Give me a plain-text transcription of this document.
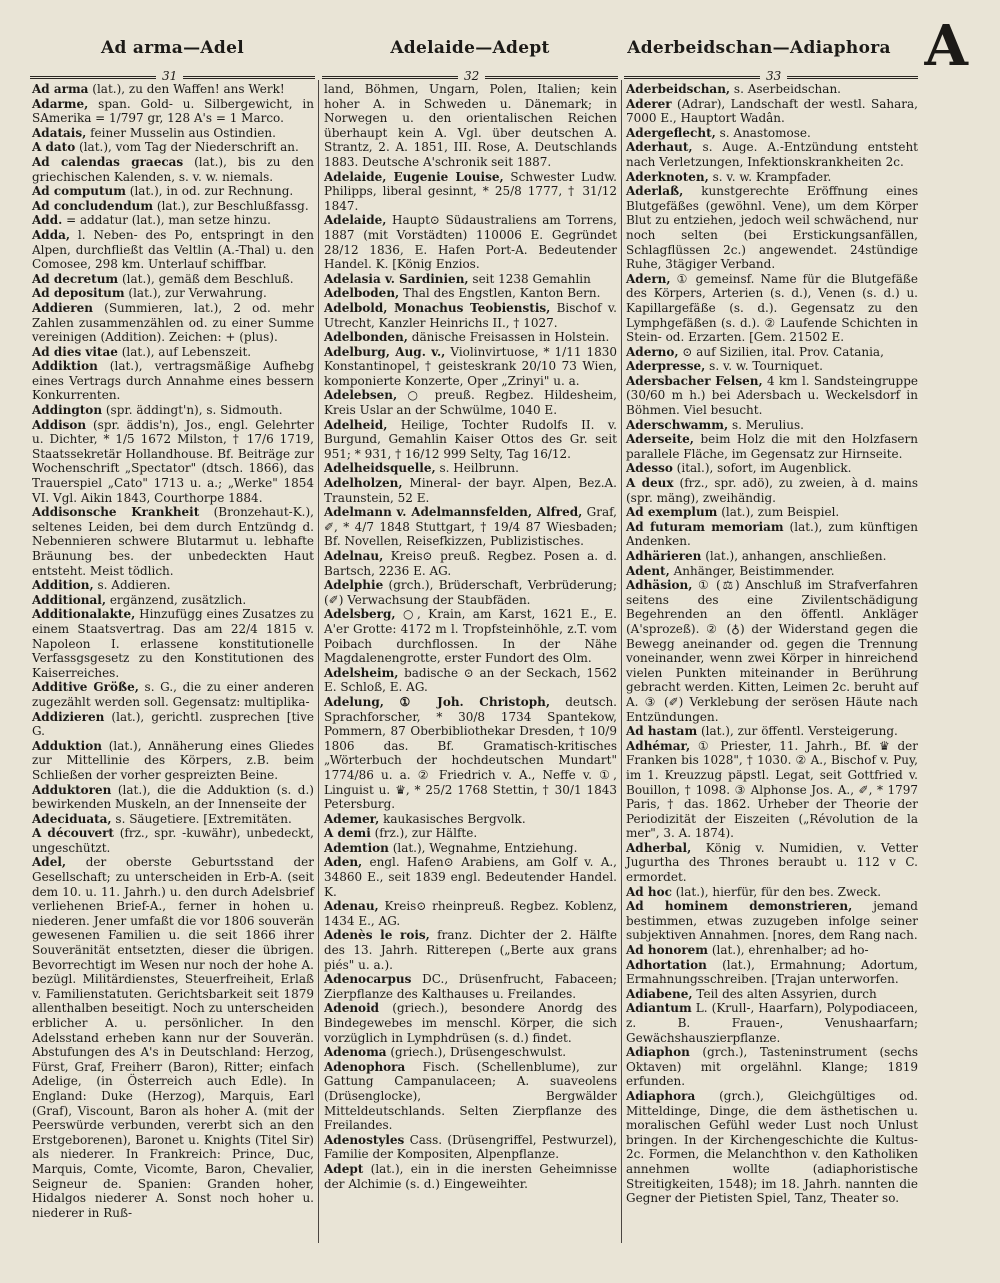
Ad arma—Adel	Adelaide—Adept	Aderbeidschan—Adiaphora A
31	32	33
Ad arma (lat.), zu den Waffen! ans Werk!
Adarme, span. Gold- u. Silbergewicht, in SAmerika = 1/797 gr, 128 A's = 1 Marco.
Adatais, feiner Musselin aus Ostindien.
A dato (lat.), vom Tag der Niederschrift an.
Ad calendas graecas (lat.), bis zu den griechischen Kalenden, s. v. w. niemals.
Ad computum (lat.), in od. zur Rechnung.
Ad concludendum (lat.), zur Beschlußfassg.
Add. = addatur (lat.), man setze hinzu.
Adda, l. Neben- des Po, entspringt in den Alpen, durchfließt das Veltlin (A.-Thal) u. den Comosee, 298 km. Unterlauf schiffbar.
Ad decretum (lat.), gemäß dem Beschluß.
Ad depositum (lat.), zur Verwahrung.
Addieren (Summieren, lat.), 2 od. mehr Zahlen zusammenzählen od. zu einer Summe vereinigen (Addition). Zeichen: + (plus).
Ad dies vitae (lat.), auf Lebenszeit.
Addiktion (lat.), vertragsmäßige Aufhebg eines Vertrags durch Annahme eines bessern Konkurrenten.
Addington (spr. äddingt'n), s. Sidmouth.
Addison (spr. äddis'n), Jos., engl. Gelehrter u. Dichter, * 1/5 1672 Milston, † 17/6 1719, Staatssekretär Hollandhouse. Bf. Beiträge zur Wochenschrift „Spectator" (dtsch. 1866), das Trauerspiel „Cato" 1713 u. a.; „Werke" 1854 VI. Vgl. Aikin 1843, Courthorpe 1884.
Addisonsche Krankheit (Bronzehaut-K.), seltenes Leiden, bei dem durch Entzündg d. Nebennieren schwere Blutarmut u. lebhafte Bräunung bes. der unbedeckten Haut entsteht. Meist tödlich.
Addition, s. Addieren.
Additional, ergänzend, zusätzlich.
Additionalakte, Hinzufügg eines Zusatzes zu einem Staatsvertrag. Das am 22/4 1815 v. Napoleon I. erlassene konstitutionelle Verfassgsgesetz zu den Konstitutionen des Kaiserreiches.
Additive Größe, s. G., die zu einer anderen zugezählt werden soll. Gegensatz: multiplika-
Addizieren (lat.), gerichtl. zusprechen [tive G.
Adduktion (lat.), Annäherung eines Gliedes zur Mittellinie des Körpers, z.B. beim Schließen der vorher gespreizten Beine.
Adduktoren (lat.), die die Adduktion (s. d.) bewirkenden Muskeln, an der Innenseite der
Adeciduata, s. Säugetiere. [Extremitäten.
A découvert (frz., spr. -kuwähr), unbedeckt, ungeschützt.
Adel, der oberste Geburtsstand der Gesellschaft; zu unterscheiden in Erb-A. (seit dem 10. u. 11. Jahrh.) u. den durch Adelsbrief verliehenen Brief-A., ferner in hohen u. niederen. Jener umfaßt die vor 1806 souverän gewesenen Familien u. die seit 1866 ihrer Souveränität entsetzten, dieser die übrigen. Bevorrechtigt im Wesen nur noch der hohe A. bezügl. Militärdienstes, Steuerfreiheit, Erlaß v. Familienstatuten. Gerichtsbarkeit seit 1879 allenthalben beseitigt. Noch zu unterscheiden erblicher A. u. persönlicher. In den Adelsstand erheben kann nur der Souverän. Abstufungen des A's in Deutschland: Herzog, Fürst, Graf, Freiherr (Baron), Ritter; einfach Adelige, (in Österreich auch Edle). In England: Duke (Herzog), Marquis, Earl (Graf), Viscount, Baron als hoher A. (mit der Peerswürde verbunden, vererbt sich an den Erstgeborenen), Baronet u. Knights (Titel Sir) als niederer. In Frankreich: Prince, Duc, Marquis, Comte, Vicomte, Baron, Chevalier, Seigneur de. Spanien: Granden hoher, Hidalgos niederer A. Sonst noch hoher u. niederer in Ruß-
land, Böhmen, Ungarn, Polen, Italien; kein hoher A. in Schweden u. Dänemark; in Norwegen u. den orientalischen Reichen überhaupt kein A. Vgl. über deutschen A. Strantz, 2. A. 1851, III. Rose, A. Deutschlands 1883. Deutsche A'schronik seit 1887.
Adelaide, Eugenie Louise, Schwester Ludw. Philipps, liberal gesinnt, * 25/8 1777, † 31/12 1847.
Adelaide, Haupt⊙ Südaustraliens am Torrens, 1887 (mit Vorstädten) 110006 E. Gegründet 28/12 1836, E. Hafen Port-A. Bedeutender Handel. K. [König Enzios.
Adelasia v. Sardinien, seit 1238 Gemahlin
Adelboden, Thal des Engstlen, Kanton Bern.
Adelbold, Monachus Teobienstis, Bischof v. Utrecht, Kanzler Heinrichs II., † 1027.
Adelbonden, dänische Freisassen in Holstein.
Adelburg, Aug. v., Violinvirtuose, * 1/11 1830 Konstantinopel, † geisteskrank 20/10 73 Wien, komponierte Konzerte, Oper „Zrinyi" u. a.
Adelebsen, ○ preuß. Regbez. Hildesheim, Kreis Uslar an der Schwülme, 1040 E.
Adelheid, Heilige, Tochter Rudolfs II. v. Burgund, Gemahlin Kaiser Ottos des Gr. seit 951; * 931, † 16/12 999 Selty, Tag 16/12.
Adelheidsquelle, s. Heilbrunn.
Adelholzen, Mineral- der bayr. Alpen, Bez.A. Traunstein, 52 E.
Adelmann v. Adelmannsfelden, Alfred, Graf, ✐, * 4/7 1848 Stuttgart, † 19/4 87 Wiesbaden; Bf. Novellen, Reisefkizzen, Publizistisches.
Adelnau, Kreis⊙ preuß. Regbez. Posen a. d. Bartsch, 2236 E. AG.
Adelphie (grch.), Brüderschaft, Verbrüderung; (✐) Verwachsung der Staubfäden.
Adelsberg, ○, Krain, am Karst, 1621 E., E. A'er Grotte: 4172 m l. Tropfsteinhöhle, z.T. vom Poibach durchflossen. In der Nähe Magdalenengrotte, erster Fundort des Olm.
Adelsheim, badische ⊙ an der Seckach, 1562 E. Schloß, E. AG.
Adelung, ① Joh. Christoph, deutsch. Sprachforscher, * 30/8 1734 Spantekow, Pommern, 87 Oberbibliothekar Dresden, † 10/9 1806 das. Bf. Gramatisch-kritisches „Wörterbuch der hochdeutschen Mundart" 1774/86 u. a. ② Friedrich v. A., Neffe v. ①, Linguist u. ♛, * 25/2 1768 Stettin, † 30/1 1843 Petersburg.
Ademer, kaukasisches Bergvolk.
A demi (frz.), zur Hälfte.
Ademtion (lat.), Wegnahme, Entziehung.
Aden, engl. Hafen⊙ Arabiens, am Golf v. A., 34860 E., seit 1839 engl. Bedeutender Handel. K.
Adenau, Kreis⊙ rheinpreuß. Regbez. Koblenz, 1434 E., AG.
Adenès le rois, franz. Dichter der 2. Hälfte des 13. Jahrh. Ritterepen („Berte aux grans piés" u. a.).
Adenocarpus DC., Drüsenfrucht, Fabaceen; Zierpflanze des Kalthauses u. Freilandes.
Adenoid (griech.), besondere Anordg des Bindegewebes im menschl. Körper, die sich vorzüglich in Lymphdrüsen (s. d.) findet.
Adenoma (griech.), Drüsengeschwulst.
Adenophora Fisch. (Schellenblume), zur Gattung Campanulaceen; A. suaveolens (Drüsenglocke), Bergwälder Mitteldeutschlands. Selten Zierpflanze des Freilandes.
Adenostyles Cass. (Drüsengriffel, Pestwurzel), Familie der Kompositen, Alpenpflanze.
Adept (lat.), ein in die inersten Geheimnisse der Alchimie (s. d.) Eingeweihter.
Aderbeidschan, s. Aserbeidschan.
Aderer (Adrar), Landschaft der westl. Sahara, 7000 E., Hauptort Wadân.
Adergeflecht, s. Anastomose.
Aderhaut, s. Auge. A.-Entzündung entsteht nach Verletzungen, Infektionskrankheiten 2c.
Aderknoten, s. v. w. Krampfader.
Aderlaß, kunstgerechte Eröffnung eines Blutgefäßes (gewöhnl. Vene), um dem Körper Blut zu entziehen, jedoch weil schwächend, nur noch selten (bei Erstickungsanfällen, Schlagflüssen 2c.) angewendet. 24stündige Ruhe, 3tägiger Verband.
Adern, ① gemeinsf. Name für die Blutgefäße des Körpers, Arterien (s. d.), Venen (s. d.) u. Kapillargefäße (s. d.). Gegensatz zu den Lymphgefäßen (s. d.). ② Laufende Schichten in Stein- od. Erzarten. [Gem. 21502 E.
Aderno, ⊙ auf Sizilien, ital. Prov. Catania,
Aderpresse, s. v. w. Tourniquet.
Adersbacher Felsen, 4 km l. Sandsteingruppe (30/60 m h.) bei Adersbach u. Weckelsdorf in Böhmen. Viel besucht.
Aderschwamm, s. Merulius.
Aderseite, beim Holz die mit den Holzfasern parallele Fläche, im Gegensatz zur Hirnseite.
Adesso (ital.), sofort, im Augenblick.
A deux (frz., spr. adö), zu zweien, à d. mains (spr. mäng), zweihändig.
Ad exemplum (lat.), zum Beispiel.
Ad futuram memoriam (lat.), zum künftigen Andenken.
Adhärieren (lat.), anhangen, anschließen.
Adent, Anhänger, Beistimmender.
Adhäsion, ① (⚖) Anschluß im Strafverfahren seitens des eine Zivilentschädigung Begehrenden an den öffentl. Ankläger (A'sprozeß). ② (♁) der Widerstand gegen die Bewegg aneinander od. gegen die Trennung voneinander, wenn zwei Körper in hinreichend vielen Punkten miteinander in Berührung gebracht werden. Kitten, Leimen 2c. beruht auf A. ③ (✐) Verklebung der serösen Häute nach Entzündungen.
Ad hastam (lat.), zur öffentl. Versteigerung.
Adhémar, ① Priester, 11. Jahrh., Bf. ♛ der Franken bis 1028", † 1030. ② A., Bischof v. Puy, im 1. Kreuzzug päpstl. Legat, seit Gottfried v. Bouillon, † 1098. ③ Alphonse Jos. A., ✐, * 1797 Paris, † das. 1862. Urheber der Theorie der Periodizität der Eiszeiten („Révolution de la mer", 3. A. 1874).
Adherbal, König v. Numidien, v. Vetter Jugurtha des Thrones beraubt u. 112 v C. ermordet.
Ad hoc (lat.), hierfür, für den bes. Zweck.
Ad hominem demonstrieren, jemand bestimmen, etwas zuzugeben infolge seiner subjektiven Annahmen. [nores, dem Rang nach.
Ad honorem (lat.), ehrenhalber; ad ho-
Adhortation (lat.), Ermahnung; Adortum, Ermahnungsschreiben. [Trajan unterworfen.
Adiabene, Teil des alten Assyrien, durch
Adiantum L. (Krull-, Haarfarn), Polypodiaceen, z. B. Frauen-, Venushaarfarn; Gewächshauszierpflanze.
Adiaphon (grch.), Tasteninstrument (sechs Oktaven) mit orgelähnl. Klange; 1819 erfunden.
Adiaphora (grch.), Gleichgültiges od. Mitteldinge, Dinge, die dem ästhetischen u. moralischen Gefühl weder Lust noch Unlust bringen. In der Kirchengeschichte die Kultus- 2c. Formen, die Melanchthon v. den Katholiken annehmen wollte (adiaphoristische Streitigkeiten, 1548); im 18. Jahrh. nannten die Gegner der Pietisten Spiel, Tanz, Theater so.
